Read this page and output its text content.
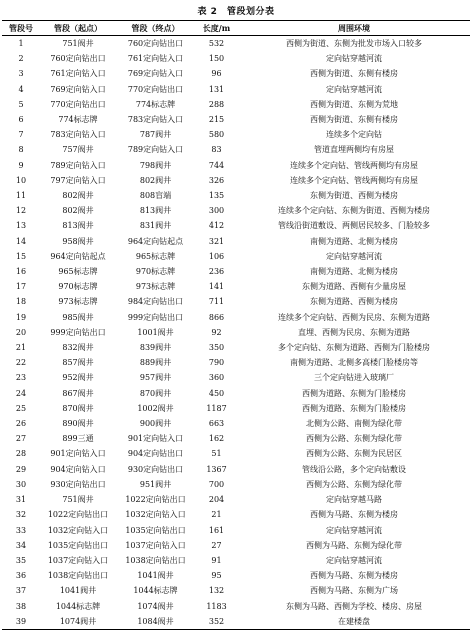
表 2　管段划分表
管段号	管段（起点）	管段（终点）	长度/m	周围环境
1	751阀井	760定向钻出口	532	西侧为街道、东侧为批发市场入口较多
2	760定向钻出口	761定向钻入口	150	定向钻穿越河流
3	761定向钻入口	769定向钻入口	96	西侧为街道、东侧有楼房
4	769定向钻入口	770定向钻出口	131	定向钻穿越河流
5	770定向钻出口	774标志牌	288	西侧为街道、东侧为荒地
6	774标志牌	783定向钻入口	215	西侧为街道、东侧有楼房
7	783定向钻入口	787阀井	580	连续多个定向钻
8	757阀井	789定向钻入口	83	管道直埋两侧均有房屋
9	789定向钻入口	798阀井	744	连续多个定向钻、管线两侧均有房屋
10	797定向钻入口	802阀井	326	连续多个定向钻、管线两侧均有房屋
11	802阀井	808盲端	135	东侧为街道、西侧为楼房
12	802阀井	813阀井	300	连续多个定向钻、东侧为街道、西侧为楼房
13	813阀井	831阀井	412	管线沿街道敷设、两侧居民较多、门脸较多
14	958阀井	964定向钻起点	321	南侧为道路、北侧为楼房
15	964定向钻起点	965标志牌	106	定向钻穿越河流
16	965标志牌	970标志牌	236	南侧为道路、北侧为楼房
17	970标志牌	973标志牌	141	东侧为道路、西侧有少量房屋
18	973标志牌	984定向钻出口	711	东侧为道路、西侧为楼房
19	985阀井	999定向钻出口	866	连续多个定向钻、西侧为民房、东侧为道路
20	999定向钻出口	1001阀井	92	直埋、西侧为民房、东侧为道路
21	832阀井	839阀井	350	多个定向钻、东侧为道路、西侧为门脸楼房
22	857阀井	889阀井	790	南侧为道路、北侧多高楼门脸楼房等
23	952阀井	957阀井	360	三个定向钻进入玻璃厂
24	867阀井	870阀井	450	西侧为道路、东侧为门脸楼房
25	870阀井	1002阀井	1187	西侧为道路、东侧为门脸楼房
26	890阀井	900阀井	663	北侧为公路、南侧为绿化带
27	899三通	901定向钻入口	162	西侧为公路、东侧为绿化带
28	901定向钻入口	904定向钻出口	51	西侧为公路、东侧为民居区
29	904定向钻入口	930定向钻出口	1367	管线沿公路，多个定向钻敷设
30	930定向钻出口	951阀井	700	西侧为公路、东侧为绿化带
31	751阀井	1022定向钻出口	204	定向钻穿越马路
32	1022定向钻出口	1032定向钻入口	21	西侧为马路、东侧为楼房
33	1032定向钻入口	1035定向钻出口	161	定向钻穿越河流
34	1035定向钻出口	1037定向钻入口	27	西侧为马路、东侧为绿化带
35	1037定向钻入口	1038定向钻出口	91	定向钻穿越河流
36	1038定向钻出口	1041阀井	95	西侧为马路、东侧为楼房
37	1041阀井	1044标志牌	132	西侧为马路、东侧为广场
38	1044标志牌	1074阀井	1183	东侧为马路、西侧为学校、楼房、房屋
39	1074阀井	1084阀井	352	在建楼盘
